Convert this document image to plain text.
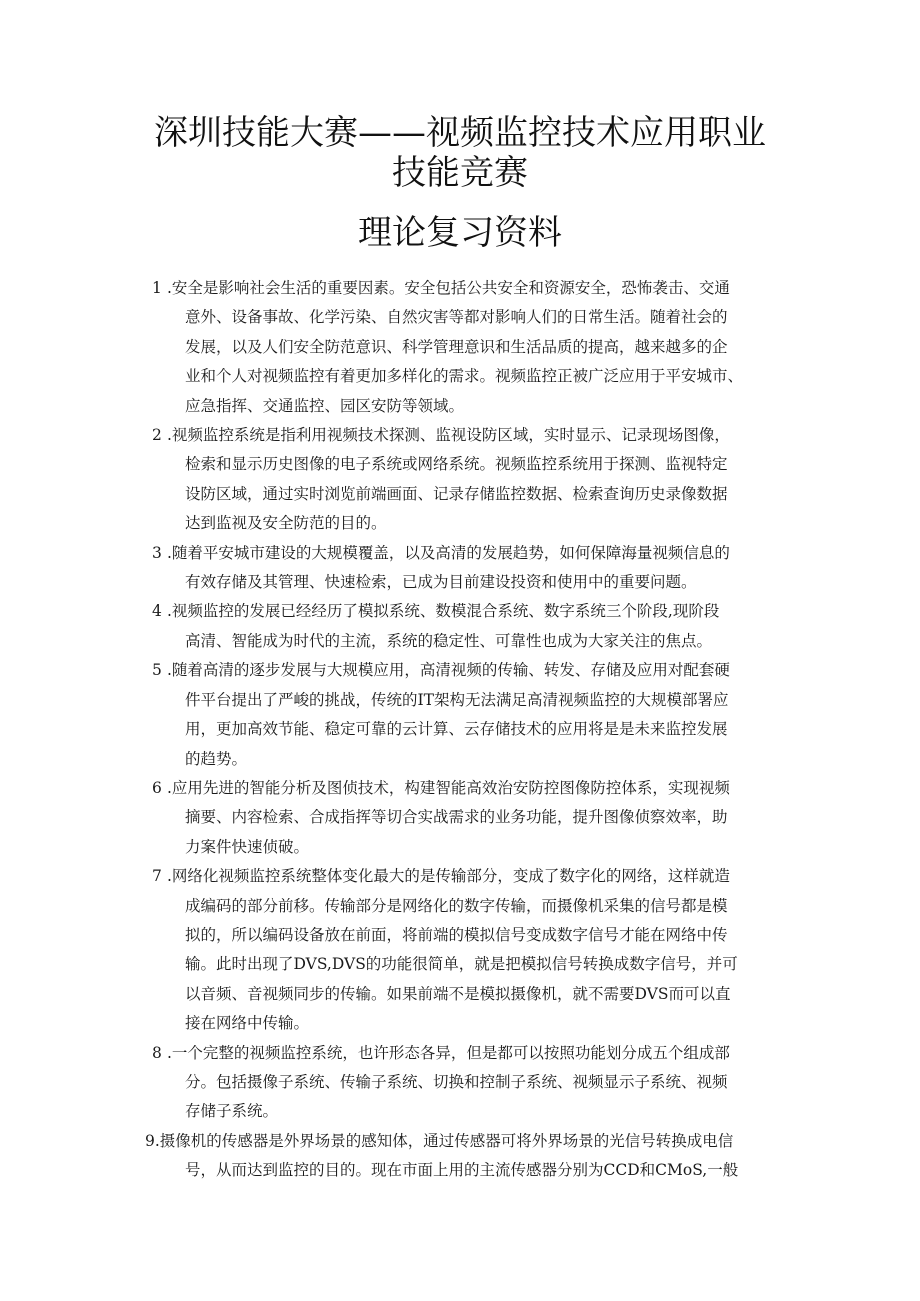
深圳技能大赛——视频监控技术应用职业
技能竞赛
理论复习资料
1 .安全是影响社会生活的重要因素。安全包括公共安全和资源安全，恐怖袭击、交通
意外、设备事故、化学污染、自然灾害等都对影响人们的日常生活。随着社会的
发展，以及人们安全防范意识、科学管理意识和生活品质的提高，越来越多的企
业和个人对视频监控有着更加多样化的需求。视频监控正被广泛应用于平安城市、
应急指挥、交通监控、园区安防等领域。
2 .视频监控系统是指利用视频技术探测、监视设防区域，实时显示、记录现场图像，
检索和显示历史图像的电子系统或网络系统。视频监控系统用于探测、监视特定
设防区域，通过实时浏览前端画面、记录存储监控数据、检索查询历史录像数据
达到监视及安全防范的目的。
3 .随着平安城市建设的大规模覆盖，以及高清的发展趋势，如何保障海量视频信息的
有效存储及其管理、快速检索，已成为目前建设投资和使用中的重要问题。
4 .视频监控的发展已经经历了模拟系统、数模混合系统、数字系统三个阶段,现阶段
高清、智能成为时代的主流，系统的稳定性、可靠性也成为大家关注的焦点。
5 .随着高清的逐步发展与大规模应用，高清视频的传输、转发、存储及应用对配套硬
件平台提出了严峻的挑战，传统的IT架构无法满足高清视频监控的大规模部署应
用，更加高效节能、稳定可靠的云计算、云存储技术的应用将是是未来监控发展
的趋势。
6 .应用先进的智能分析及图侦技术，构建智能高效治安防控图像防控体系，实现视频
摘要、内容检索、合成指挥等切合实战需求的业务功能，提升图像侦察效率，助
力案件快速侦破。
7 .网络化视频监控系统整体变化最大的是传输部分，变成了数字化的网络，这样就造
成编码的部分前移。传输部分是网络化的数字传输，而摄像机采集的信号都是模
拟的，所以编码设备放在前面，将前端的模拟信号变成数字信号才能在网络中传
输。此时出现了DVS,DVS的功能很简单，就是把模拟信号转换成数字信号，并可
以音频、音视频同步的传输。如果前端不是模拟摄像机，就不需要DVS而可以直
接在网络中传输。
8 .一个完整的视频监控系统，也许形态各异，但是都可以按照功能划分成五个组成部
分。包括摄像子系统、传输子系统、切换和控制子系统、视频显示子系统、视频
存储子系统。
9.摄像机的传感器是外界场景的感知体，通过传感器可将外界场景的光信号转换成电信
号，从而达到监控的目的。现在市面上用的主流传感器分别为CCD和CMoS,一般
